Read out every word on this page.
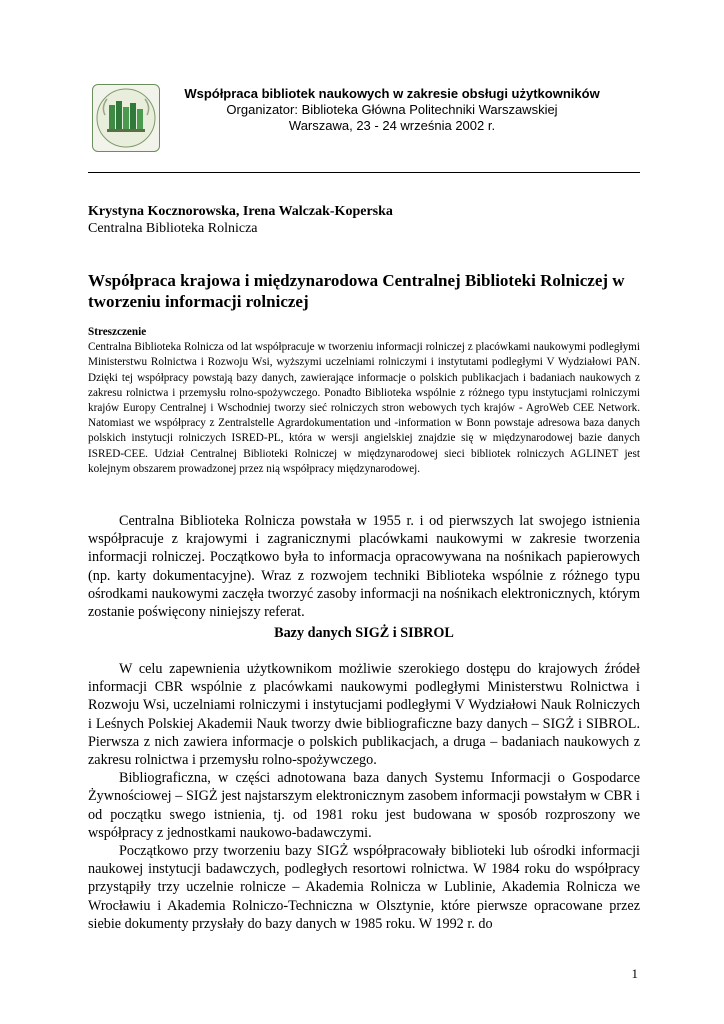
Współpraca bibliotek naukowych w zakresie obsługi użytkowników
Organizator: Biblioteka Główna Politechniki Warszawskiej
Warszawa, 23 - 24 września 2002 r.
Krystyna Kocznorowska, Irena Walczak-Koperska
Centralna Biblioteka Rolnicza
Współpraca krajowa i międzynarodowa Centralnej Biblioteki Rolniczej w tworzeniu informacji rolniczej
Streszczenie
Centralna Biblioteka Rolnicza od lat współpracuje w tworzeniu informacji rolniczej z placówkami naukowymi podległymi Ministerstwu Rolnictwa i Rozwoju Wsi, wyższymi uczelniami rolniczymi i instytutami podległymi V Wydziałowi PAN. Dzięki tej współpracy powstają bazy danych, zawierające informacje o polskich publikacjach i badaniach naukowych z zakresu rolnictwa i przemysłu rolno-spożywczego. Ponadto Biblioteka wspólnie z różnego typu instytucjami rolniczymi krajów Europy Centralnej i Wschodniej tworzy sieć rolniczych stron webowych tych krajów - AgroWeb CEE Network. Natomiast we współpracy z Zentralstelle Agrardokumentation und -information w Bonn powstaje adresowa baza danych polskich instytucji rolniczych ISRED-PL, która w wersji angielskiej znajdzie się w międzynarodowej bazie danych ISRED-CEE. Udział Centralnej Biblioteki Rolniczej w międzynarodowej sieci bibliotek rolniczych AGLINET jest kolejnym obszarem prowadzonej przez nią współpracy międzynarodowej.

Centralna Biblioteka Rolnicza powstała w 1955 r. i od pierwszych lat swojego istnienia współpracuje z krajowymi i zagranicznymi placówkami naukowymi w zakresie tworzenia informacji rolniczej. Początkowo była to informacja opracowywana na nośnikach papierowych (np. karty dokumentacyjne). Wraz z rozwojem techniki Biblioteka wspólnie z różnego typu ośrodkami naukowymi zaczęła tworzyć zasoby informacji na nośnikach elektronicznych, którym zostanie poświęcony niniejszy referat.

Bazy danych SIGŻ i SIBROL

W celu zapewnienia użytkownikom możliwie szerokiego dostępu do krajowych źródeł informacji CBR wspólnie z placówkami naukowymi podległymi Ministerstwu Rolnictwa i Rozwoju Wsi, uczelniami rolniczymi i instytucjami podległymi V Wydziałowi Nauk Rolniczych i Leśnych Polskiej Akademii Nauk tworzy dwie bibliograficzne bazy danych – SIGŻ i SIBROL. Pierwsza z nich zawiera informacje o polskich publikacjach, a druga – badaniach naukowych z zakresu rolnictwa i przemysłu rolno-spożywczego.

Bibliograficzna, w części adnotowana baza danych Systemu Informacji o Gospodarce Żywnościowej – SIGŻ jest najstarszym elektronicznym zasobem informacji powstałym w CBR i od początku swego istnienia, tj. od 1981 roku jest budowana w sposób rozproszony we współpracy z jednostkami naukowo-badawczymi.

Początkowo przy tworzeniu bazy SIGŻ współpracowały biblioteki lub ośrodki informacji naukowej instytucji badawczych, podległych resortowi rolnictwa. W 1984 roku do współpracy przystąpiły trzy uczelnie rolnicze – Akademia Rolnicza w Lublinie, Akademia Rolnicza we Wrocławiu i Akademia Rolniczo-Techniczna w Olsztynie, które pierwsze opracowane przez siebie dokumenty przysłały do bazy danych w 1985 roku. W 1992 r. do

1
